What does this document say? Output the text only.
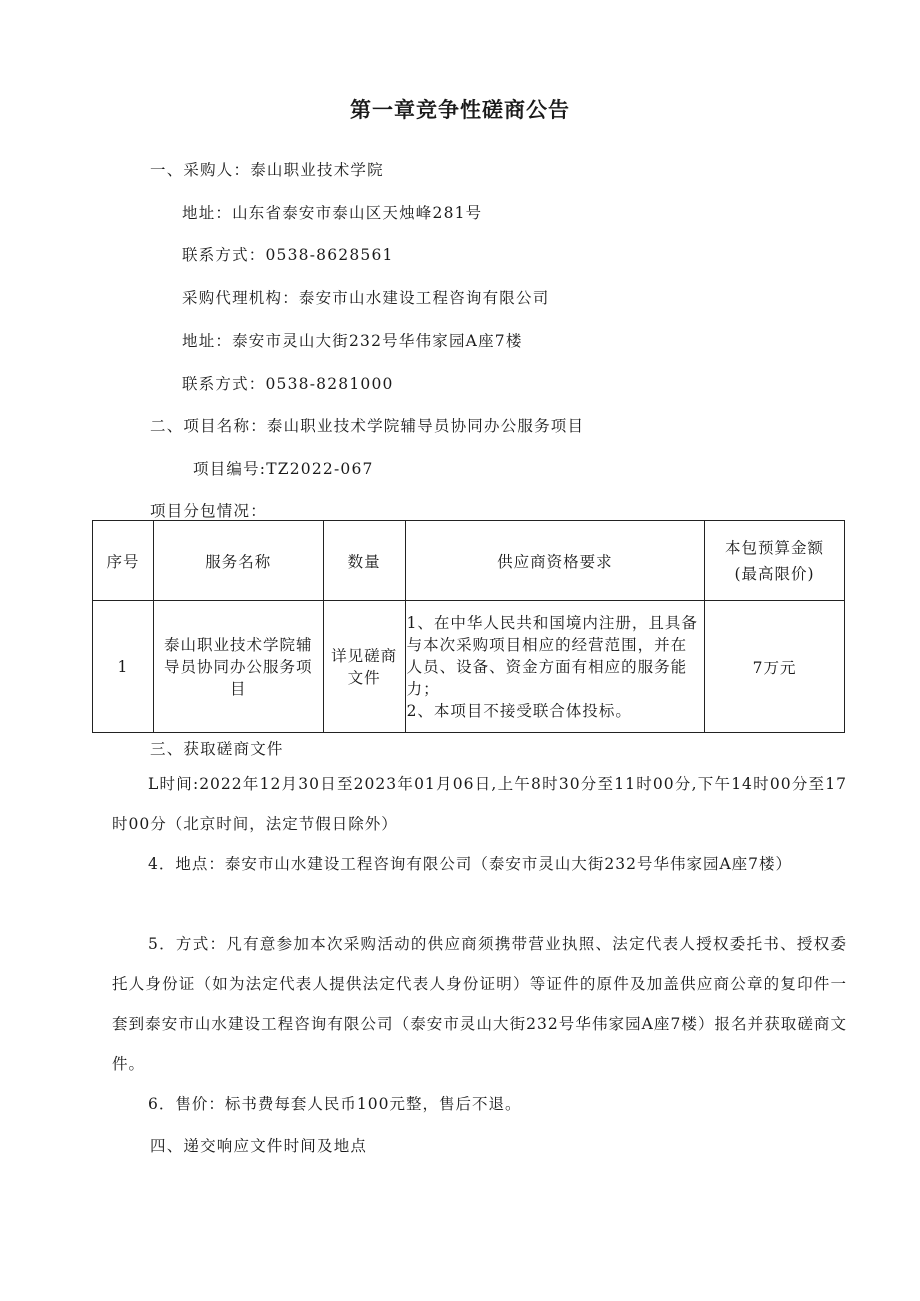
第一章竞争性磋商公告
一、采购人：泰山职业技术学院
地址：山东省泰安市泰山区天烛峰281号
联系方式：0538-8628561
采购代理机构：泰安市山水建设工程咨询有限公司
地址：泰安市灵山大街232号华伟家园A座7楼
联系方式：0538-8281000
二、项目名称：泰山职业技术学院辅导员协同办公服务项目
项目编号:TZ2022-067
项目分包情况：
序号	服务名称	数量	供应商资格要求	本包预算金额
(最高限价)
1	泰山职业技术学院辅导员协同办公服务项目	详见磋商文件	1、在中华人民共和国境内注册，且具备与本次采购项目相应的经营范围，并在人员、设备、资金方面有相应的服务能力；
2、本项目不接受联合体投标。	7万元
三、获取磋商文件
L时间:2022年12月30日至2023年01月06日,上午8时30分至11时00分,下午14时00分至17时00分（北京时间，法定节假日除外）
4．地点：泰安市山水建设工程咨询有限公司（泰安市灵山大街232号华伟家园A座7楼）
5．方式：凡有意参加本次采购活动的供应商须携带营业执照、法定代表人授权委托书、授权委托人身份证（如为法定代表人提供法定代表人身份证明）等证件的原件及加盖供应商公章的复印件一套到泰安市山水建设工程咨询有限公司（泰安市灵山大街232号华伟家园A座7楼）报名并获取磋商文件。
6．售价：标书费每套人民币100元整，售后不退。
四、递交响应文件时间及地点
